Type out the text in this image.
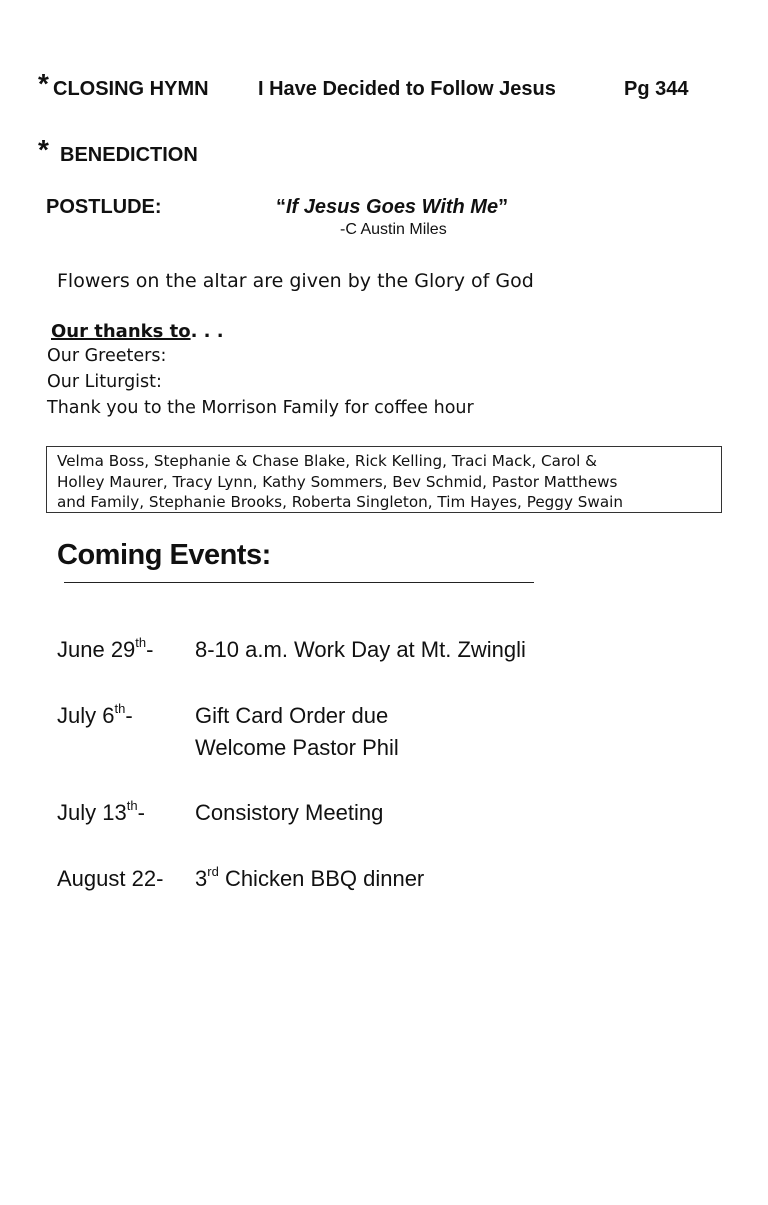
* CLOSING HYMN I Have Decided to Follow Jesus	Pg 344
* BENEDICTION
POSTLUDE:	“If Jesus Goes With Me”
-C Austin Miles
Flowers on the altar are given by the Glory of God
Our thanks to. . .
Our Greeters:
Our Liturgist:
Thank you to the Morrison Family for coffee hour
Velma Boss, Stephanie & Chase Blake, Rick Kelling, Traci Mack, Carol &
Holley Maurer, Tracy Lynn, Kathy Sommers, Bev Schmid, Pastor Matthews
and Family, Stephanie Brooks, Roberta Singleton, Tim Hayes, Peggy Swain
Coming Events:
June 29th- 8-10 a.m. Work Day at Mt. Zwingli
July 6th-	Gift Card Order due
Welcome Pastor Phil
July 13th- Consistory Meeting
August 22- 3rd Chicken BBQ dinner
